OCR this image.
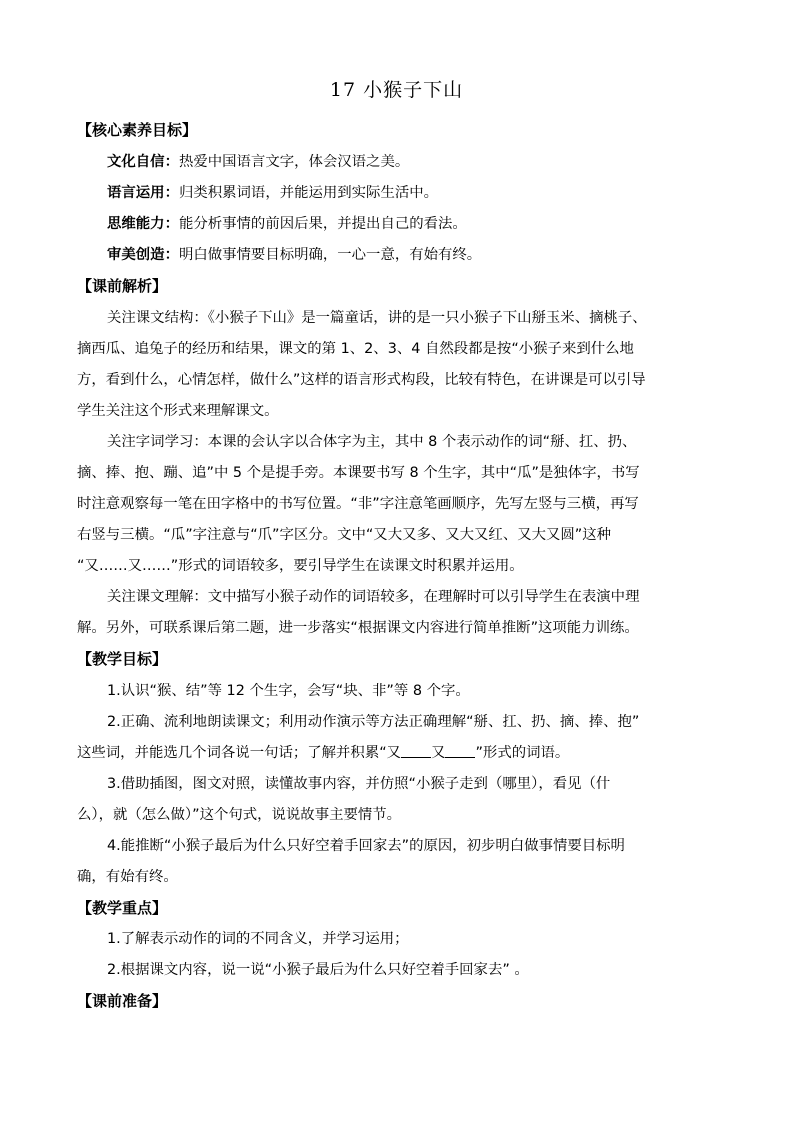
17 小猴子下山
【核心素养目标】
文化自信：热爱中国语言文字，体会汉语之美。
语言运用：归类积累词语，并能运用到实际生活中。
思维能力：能分析事情的前因后果，并提出自己的看法。
审美创造：明白做事情要目标明确，一心一意，有始有终。
【课前解析】
关注课文结构：《小猴子下山》是一篇童话，讲的是一只小猴子下山掰玉米、摘桃子、
摘西瓜、追兔子的经历和结果，课文的第 1、2、3、4 自然段都是按“小猴子来到什么地
方，看到什么，心情怎样，做什么”这样的语言形式构段，比较有特色，在讲课是可以引导
学生关注这个形式来理解课文。
关注字词学习：本课的会认字以合体字为主，其中 8 个表示动作的词“掰、扛、扔、
摘、捧、抱、蹦、追”中 5 个是提手旁。本课要书写 8 个生字，其中“瓜”是独体字，书写
时注意观察每一笔在田字格中的书写位置。“非”字注意笔画顺序，先写左竖与三横，再写
右竖与三横。“瓜”字注意与“爪”字区分。文中“又大又多、又大又红、又大又圆”这种
“又……又……”形式的词语较多，要引导学生在读课文时积累并运用。
关注课文理解：文中描写小猴子动作的词语较多，在理解时可以引导学生在表演中理
解。另外，可联系课后第二题，进一步落实“根据课文内容进行简单推断”这项能力训练。
【教学目标】
1.认识“猴、结”等 12 个生字，会写“块、非”等 8 个字。
2.正确、流利地朗读课文；利用动作演示等方法正确理解“掰、扛、扔、摘、捧、抱”
这些词，并能选几个词各说一句话；了解并积累“又 又 ”形式的词语。
3.借助插图，图文对照，读懂故事内容，并仿照“小猴子走到（哪里），看见（什
么），就（怎么做）”这个句式，说说故事主要情节。
4.能推断“小猴子最后为什么只好空着手回家去”的原因，初步明白做事情要目标明
确，有始有终。
【教学重点】
1.了解表示动作的词的不同含义，并学习运用；
2.根据课文内容，说一说“小猴子最后为什么只好空着手回家去” 。
【课前准备】
